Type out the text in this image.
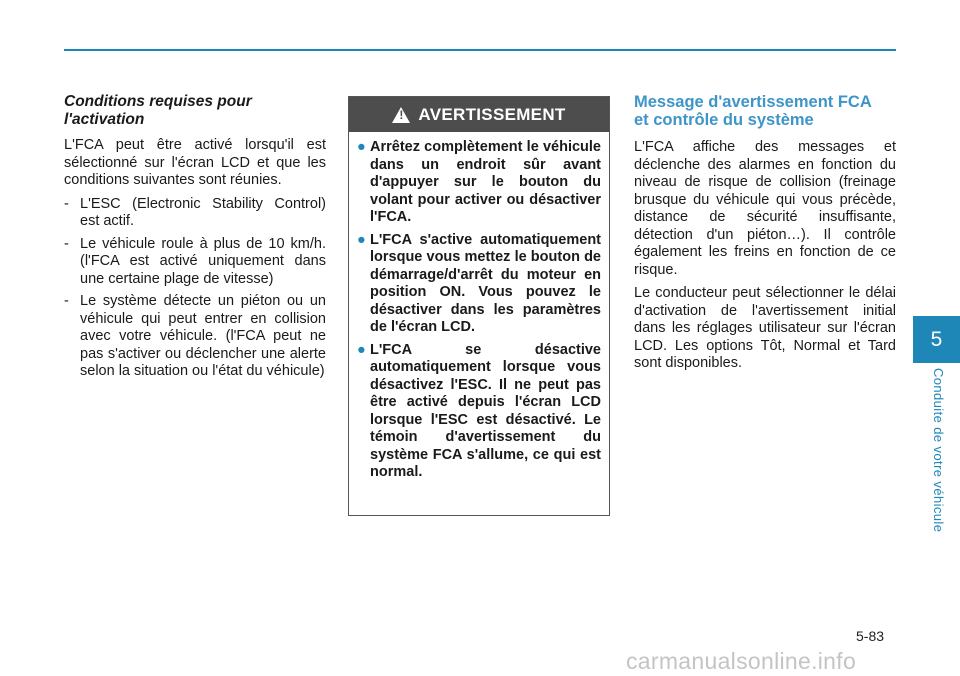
Conditions requises pour
l'activation

L'FCA peut être activé lorsqu'il est sélectionné sur l'écran LCD et que les conditions suivantes sont réunies.

- L'ESC (Electronic Stability Control) est actif.
- Le véhicule roule à plus de 10 km/h. (l'FCA est activé uniquement dans une certaine plage de vitesse)
- Le système détecte un piéton ou un véhicule qui peut entrer en collision avec votre véhicule. (l'FCA peut ne pas s'activer ou déclencher une alerte selon la situation ou l'état du véhicule)
!
AVERTISSEMENT
● Arrêtez complètement le véhicule dans un endroit sûr avant d'appuyer sur le bouton du volant pour activer ou désactiver l'FCA.
● L'FCA s'active automatiquement lorsque vous mettez le bouton de démarrage/d'arrêt du moteur en position ON. Vous pouvez le désactiver dans les paramètres de l'écran LCD.
● L'FCA se désactive automatiquement lorsque vous désactivez l'ESC. Il ne peut pas être activé depuis l'écran LCD lorsque l'ESC est désactivé. Le témoin d'avertissement du système FCA s'allume, ce qui est normal.

Message d'avertissement FCA
et contrôle du système

L'FCA affiche des messages et déclenche des alarmes en fonction du niveau de risque de collision (freinage brusque du véhicule qui vous précède, distance de sécurité insuffisante, détection d'un piéton…). Il contrôle également les freins en fonction de ce risque.

Le conducteur peut sélectionner le délai d'activation de l'avertissement initial dans les réglages utilisateur sur l'écran LCD. Les options Tôt, Normal et Tard sont disponibles.

5
Conduite de votre véhicule
5-83
carmanualsonline.info
